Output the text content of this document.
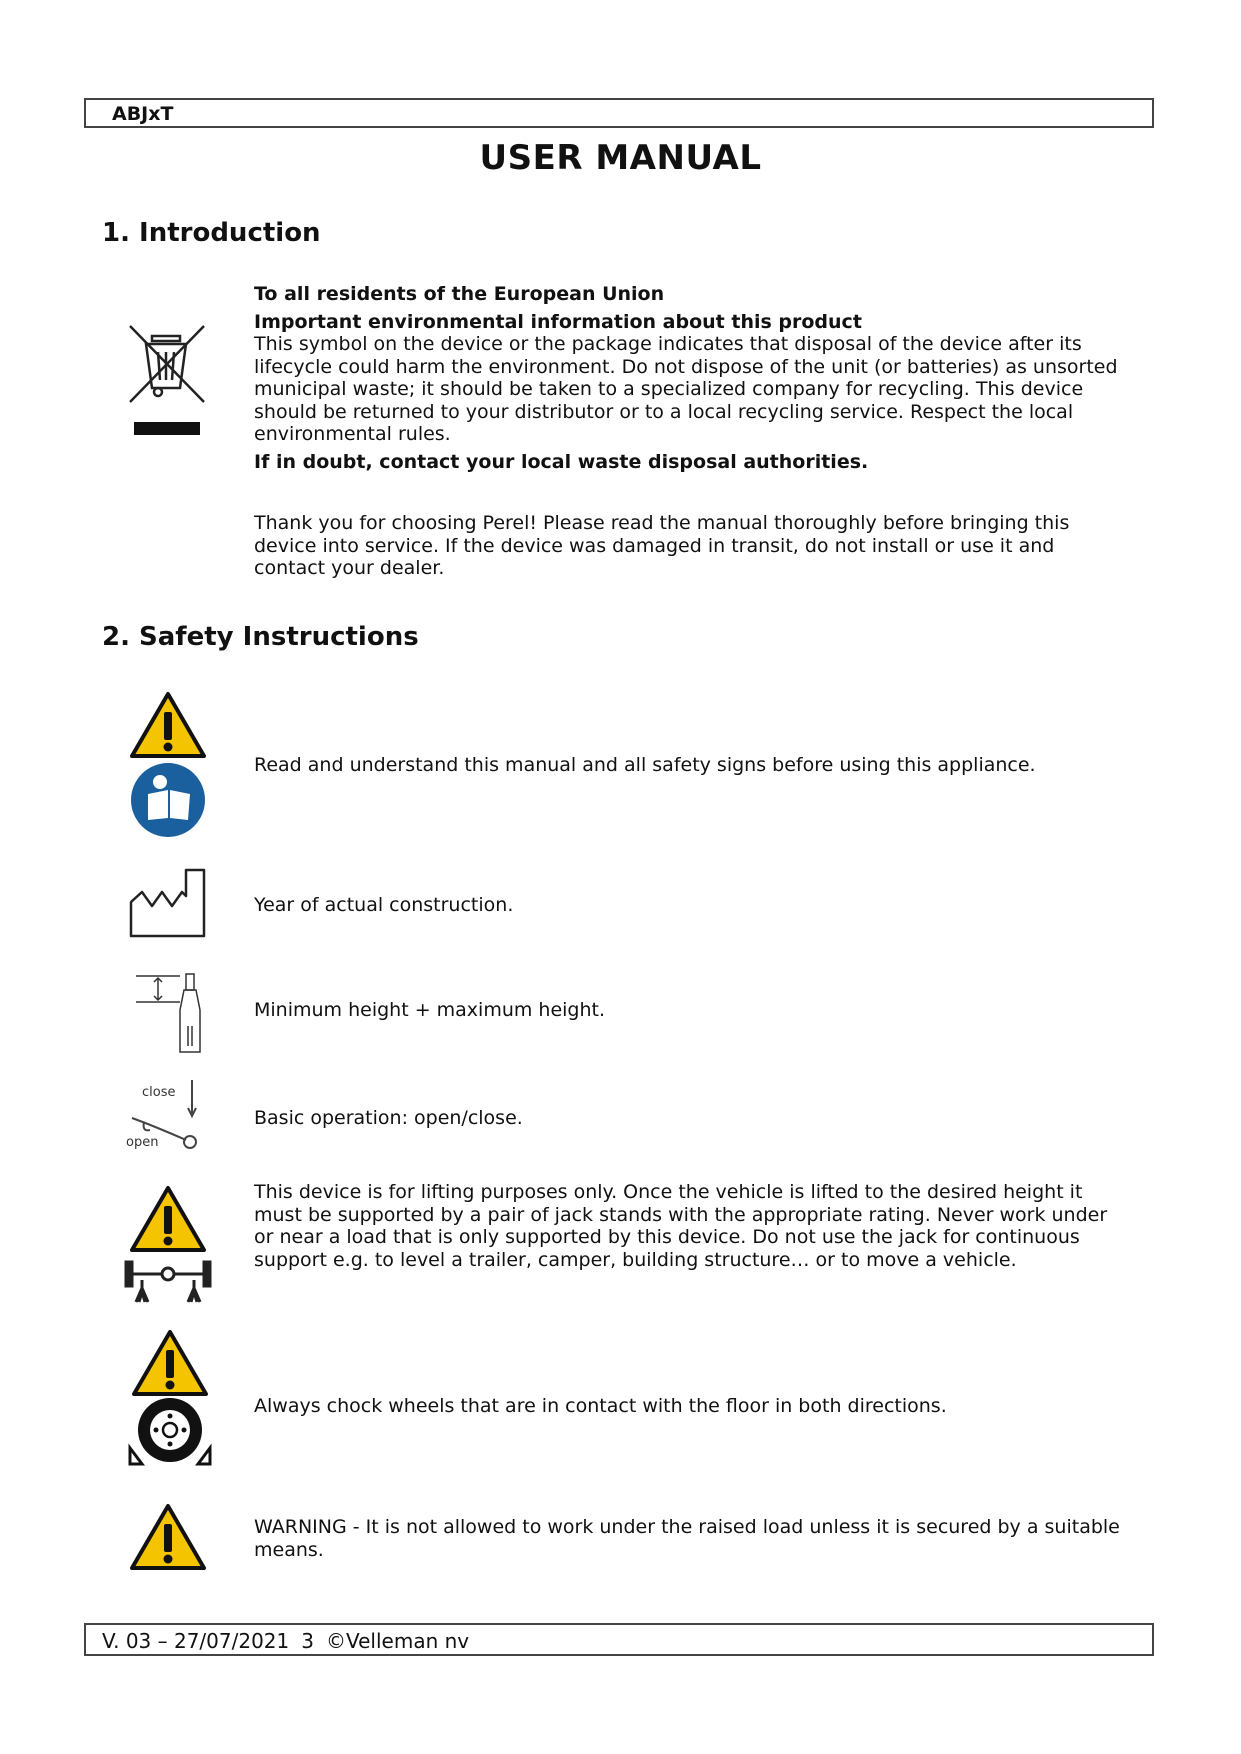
ABJxT
USER MANUAL
1. Introduction

To all residents of the European Union

Important environmental information about this product

This symbol on the device or the package indicates that disposal of the device after its lifecycle could harm the environment. Do not dispose of the unit (or batteries) as unsorted municipal waste; it should be taken to a specialized company for recycling. This device should be returned to your distributor or to a local recycling service. Respect the local environmental rules.

If in doubt, contact your local waste disposal authorities.

Thank you for choosing Perel! Please read the manual thoroughly before bringing this device into service. If the device was damaged in transit, do not install or use it and contact your dealer.
2. Safety Instructions
Read and understand this manual and all safety signs before using this appliance.
Year of actual construction.
Minimum height + maximum height.
close
open
Basic operation: open/close.
This device is for lifting purposes only. Once the vehicle is lifted to the desired height it must be supported by a pair of jack stands with the appropriate rating. Never work under or near a load that is only supported by this device. Do not use the jack for continuous support e.g. to level a trailer, camper, building structure… or to move a vehicle.
Always chock wheels that are in contact with the floor in both directions.
WARNING - It is not allowed to work under the raised load unless it is secured by a suitable means.
V. 03 – 27/07/2021 3 ©Velleman nv
